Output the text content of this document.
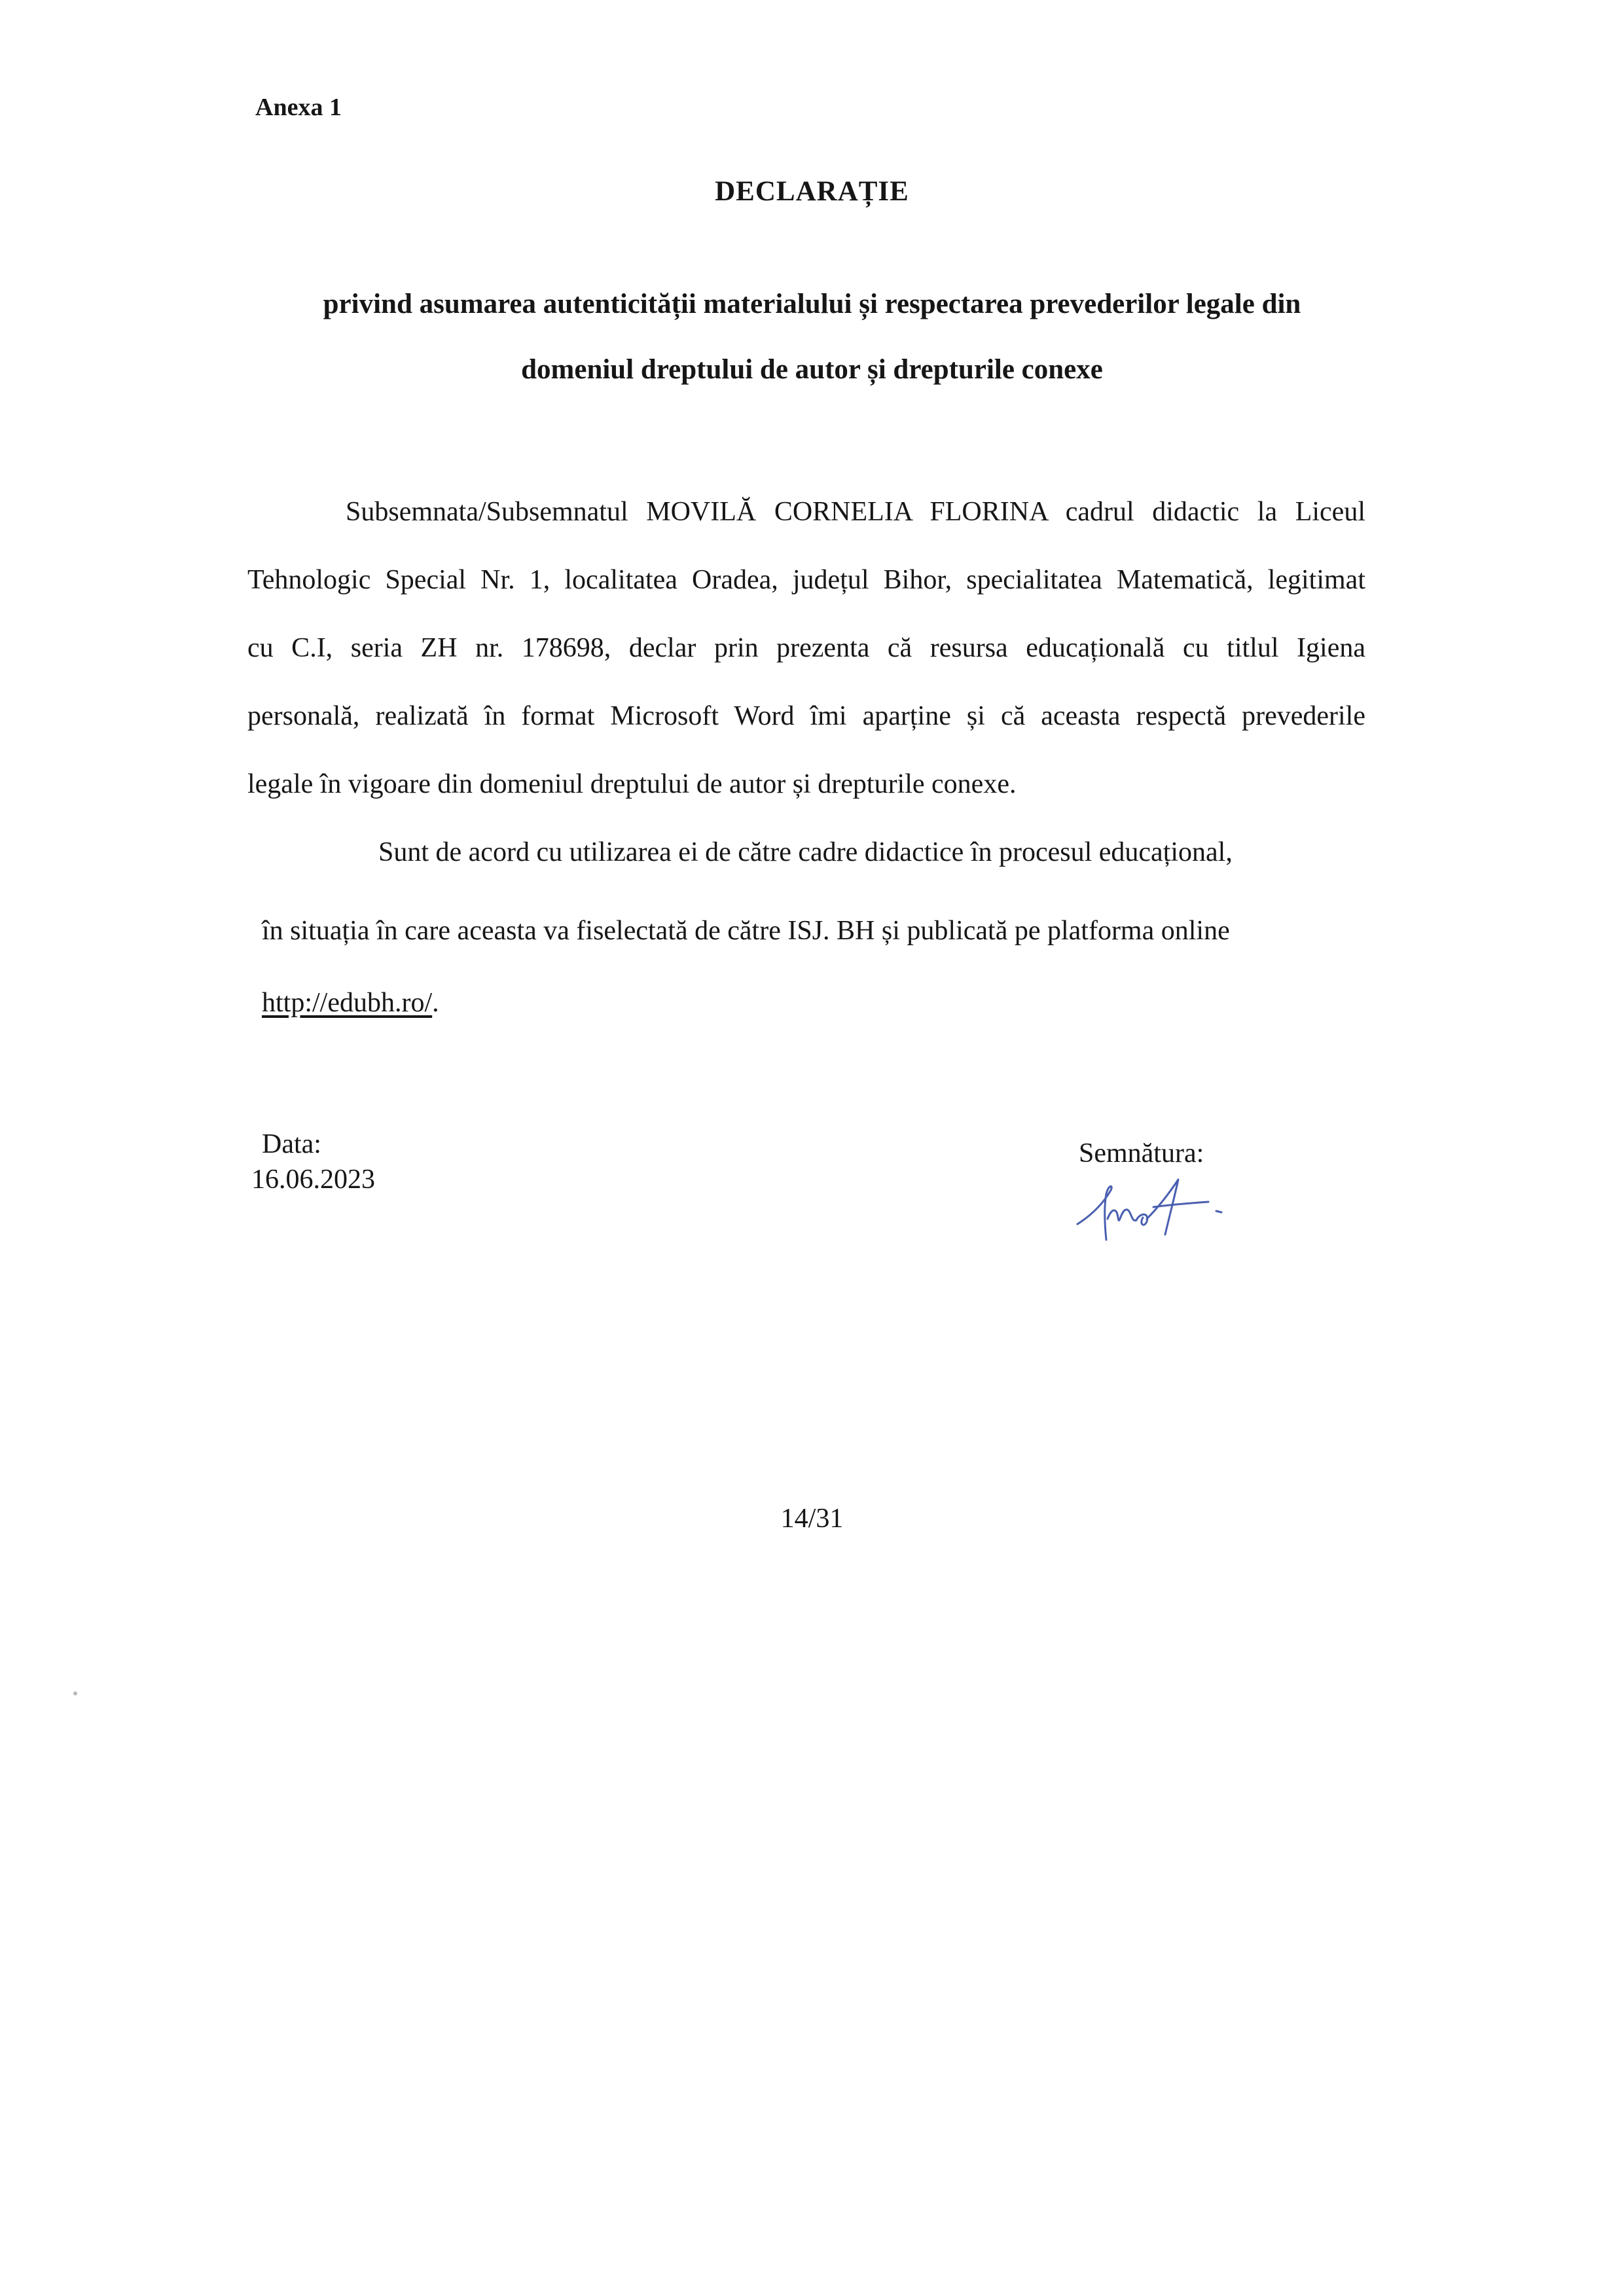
Anexa 1
DECLARAȚIE
privind asumarea autenticității materialului și respectarea prevederilor legale din
domeniul dreptului de autor și drepturile conexe
Subsemnata/Subsemnatul MOVILĂ CORNELIA FLORINA cadrul didactic la Liceul
Tehnologic Special Nr. 1, localitatea Oradea, județul Bihor, specialitatea Matematică, legitimat
cu C.I, seria ZH nr. 178698, declar prin prezenta că resursa educațională cu titlul Igiena
personală, realizată în format Microsoft Word îmi aparține și că aceasta respectă prevederile
legale în vigoare din domeniul dreptului de autor și drepturile conexe.
Sunt de acord cu utilizarea ei de către cadre didactice în procesul educațional,
în situația în care aceasta va fiselectată de către ISJ. BH și publicată pe platforma online
http://edubh.ro/.
Data:
16.06.2023
Semnătura:
14/31
